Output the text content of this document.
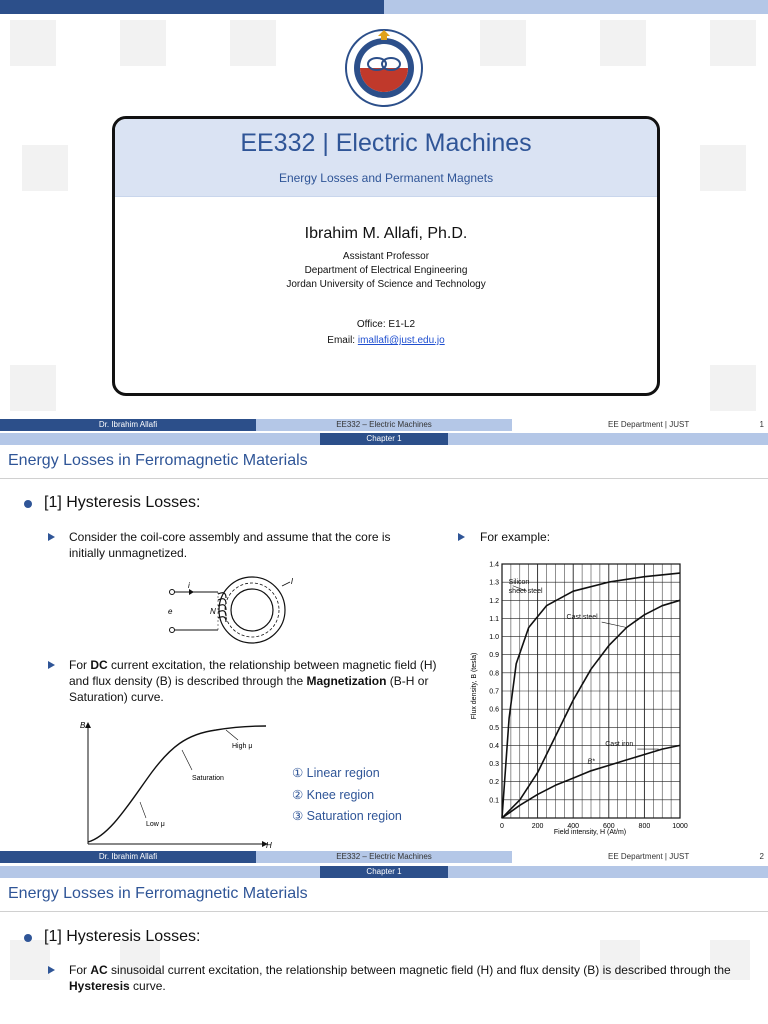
EE332 | Electric Machines
Energy Losses and Permanent Magnets
Ibrahim M. Allafi, Ph.D.
Assistant Professor
Department of Electrical Engineering
Jordan University of Science and Technology
Office: E1-L2
Email: imallafi@just.edu.jo
Dr. Ibrahim Allafi	EE332 – Electric Machines	EE Department | JUST	1
Chapter 1
Energy Losses in Ferromagnetic Materials
[1] Hysteresis Losses:
Consider the coil-core assembly and assume that the core is initially unmagnetized.
For example:
i
e	N
l
For DC current excitation, the relationship between magnetic field (H) and flux density (B) is described through the Magnetization (B-H or Saturation) curve.
B
H
High μ
Saturation
Low μ
① Linear region
② Knee region
③ Saturation region
Silicon
sheet steel
Cast steel
Cast iron
B*
0.1
0.2
0.3
0.4
0.5
0.6
0.7
0.8
0.9
1.0
1.1
1.2
1.3
1.4
0	200	400	600	800	1000
Flux density, B (tesla)
Field intensity, H (At/m)
Dr. Ibrahim Allafi	EE332 – Electric Machines	EE Department | JUST	2
Chapter 1
Energy Losses in Ferromagnetic Materials
[1] Hysteresis Losses:
For AC sinusoidal current excitation, the relationship between magnetic field (H) and flux density (B) is described through the Hysteresis curve.
